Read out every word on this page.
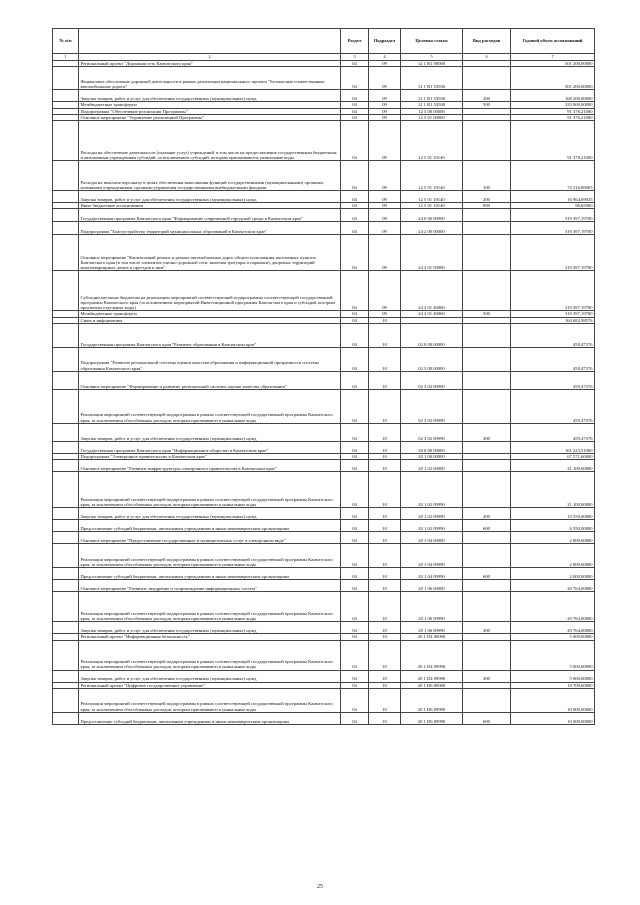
№ п/п	Наименование	Раздел	Подраздел	Целевая статья	Вид расходов	Годовой объем ассигнований
1	2	3	4	5	6	7
	Региональный проект "Дорожная сеть Камчатского края"	04	09	12 1 R1 00000		501 200,00000
	Финансовое обеспечение дорожной деятельности в рамках реализации национального проекта "Безопасные и качественные автомобильные дороги"	04	09	12 1 R1 53930		501 200,00000
	Закупка товаров, работ и услуг для обеспечения государственных (муниципальных) нужд	04	09	12 1 R1 53930	200	168 200,00000
	Межбюджетные трансферты	04	09	12 1 R1 53930	500	333 000,00000
	Подпрограмма "Обеспечение реализации Программы"	04	09	12 5 00 00000		91 376,21000
	Основное мероприятие "Управление реализацией Программы"	04	09	12 5 01 00000		91 376,21000
	Расходы на обеспечение деятельности (оказание услуг) учреждений, в том числе на предоставление государственным бюджетным и автономным учреждениям субсидий, за исключением субсидий, которым присваиваются уникальные коды	04	09	12 5 01 10140		91 378,21000
	Расходы на выплаты персоналу в целях обеспечения выполнения функций государственными (муниципальными) органами, казенными учреждениями, органами управления государственными внебюджетными фондами	04	09	12 5 01 10140	100	74 316,86065
	Закупка товаров, работ и услуг для обеспечения государственных (муниципальных) нужд	04	09	12 5 01 10140	200	16 964,69035
	Иные бюджетные ассигнования	04	09	12 5 01 10140	800	96,65900
	Государственная программа Камчатского края "Формирование современной городской среды в Камчатском крае"	04	09	24 0 00 00000		319 397,19700
	Подпрограмма "Благоустройство территорий муниципальных образований в Камчатском крае"	04	09	24 2 00 00000		319 397,19700
	Основное мероприятие "Капитальный ремонт и ремонт автомобильных дорог общего пользования населенных пунктов Камчатского края (в том числе элементов улично-дорожной сети, включая тротуары и парковки), дворовых территорий многоквартирных домов и проездов к ним"	04	09	24 2 01 00000		319 397,19700
	Субсидии местным бюджетам на реализацию мероприятий соответствующей подпрограммы соответствующей государственной программы Камчатского края (за исключением мероприятий Инвестиционной программы Камчатского края и субсидий, которым присвоены отдельные коды)	04	09	24 2 01 40060		319 397,19700
	Межбюджетные трансферты	04	09	24 2 01 40060	500	319 397,19700
	Связь и информатика	04	10			164 682,98576
	Государственная программа Камчатского края "Развитие образования в Камчатском крае"	04	10	02 0 00 00000		459,47576
	Подпрограмма "Развитие региональной системы оценки качества образования и информационной прозрачности системы образования Камчатского края"	04	10	02 3 00 00000		459,47576
	Основное мероприятие "Формирование и развитие региональной системы оценки качества образования"	04	10	02 3 02 00000		459,47576
	Реализация мероприятий соответствующей подпрограммы в рамках соответствующей государственной программы Камчатского края, за исключением обособленных расходов, которым присваиваются уникальные коды	04	10	02 3 02 09990		459,47576
	Закупка товаров, работ и услуг для обеспечения государственных (муниципальных) нужд	04	10	02 3 02 09990	200	459,47576
	Государственная программа Камчатского края "Информационное общество в Камчатском крае"	04	10	20 0 00 00000		161 223,51000
	Подпрограмма "Электронное правительство в Камчатском крае"	04	10	20 1 00 00000		67 571,60000
	Основное мероприятие "Развитие инфраструктуры электронного правительства в Камчатском крае"	04	10	20 1 02 00000		21 100,00000
	Реализация мероприятий соответствующей подпрограммы в рамках соответствующей государственной программы Камчатского края, за исключением обособленных расходов, которым присваиваются уникальные коды	04	10	20 1 02 09990		21 100,00000
	Закупка товаров, работ и услуг для обеспечения государственных (муниципальных) нужд	04	10	20 1 02 09990	200	14 550,00000
	Предоставление субсидий бюджетным, автономным учреждениям и иным некоммерческим организациям	04	10	20 1 02 09990	600	6 550,00000
	Основное мероприятие "Предоставление государственных и муниципальных услуг в электронном виде"	04	10	20 1 04 00000		2 000,00000
	Реализация мероприятий соответствующей подпрограммы в рамках соответствующей государственной программы Камчатского края, за исключением обособленных расходов, которым присваиваются уникальные коды	04	10	20 1 04 09990		2 000,00000
	Предоставление субсидий бюджетным, автономным учреждениям и иным некоммерческим организациям	04	10	20 1 04 09990	600	2 000,00000
	Основное мероприятие "Развитие, внедрение и сопровождение информационных систем"	04	10	20 1 06 00000		20 764,00000
	Реализация мероприятий соответствующей подпрограммы в рамках соответствующей государственной программы Камчатского края, за исключением обособленных расходов, которым присваиваются уникальные коды	04	10	20 1 06 09990		20 764,00000
	Закупка товаров, работ и услуг для обеспечения государственных (муниципальных) нужд	04	10	20 1 06 09990	200	20 764,00000
	Региональный проект "Информационная безопасность"	04	10	20 1 D4 00000		5 000,00000
	Реализация мероприятий соответствующей подпрограммы в рамках соответствующей государственной программы Камчатского края, за исключением обособленных расходов, которым присваиваются уникальные коды	04	10	20 1 D4 09990		5 000,00000
	Закупка товаров, работ и услуг для обеспечения государственных (муниципальных) нужд	04	10	20 1 D4 09990	200	5 000,00000
	Региональный проект "Цифровое государственное управление"	04	10	20 1 D6 00000		18 709,60000
	Реализация мероприятий соответствующей подпрограммы в рамках соответствующей государственной программы Камчатского края, за исключением обособленных расходов, которым присваиваются уникальные коды	04	10	20 1 D6 09990		10 000,00000
	Предоставление субсидий бюджетным, автономным учреждениям и иным некоммерческим организациям	04	10	20 1 D6 09990	600	10 000,00000
25
